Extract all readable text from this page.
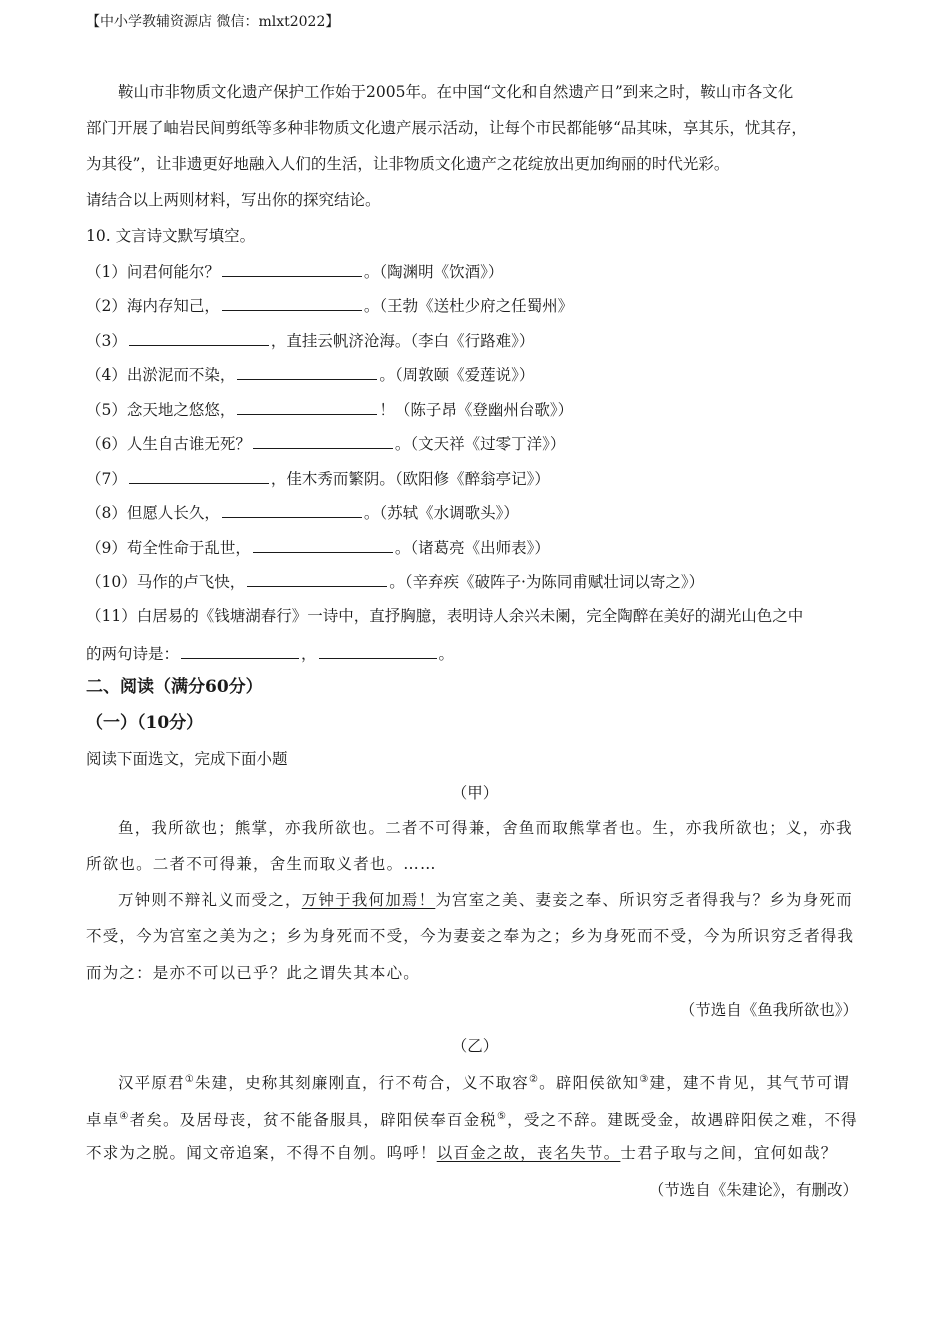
【中小学教辅资源店 微信：mlxt2022】
鞍山市非物质文化遗产保护工作始于2005年。在中国“文化和自然遗产日”到来之时，鞍山市各文化
部门开展了岫岩民间剪纸等多种非物质文化遗产展示活动，让每个市民都能够“品其味，享其乐，忧其存，
为其役”，让非遗更好地融入人们的生活，让非物质文化遗产之花绽放出更加绚丽的时代光彩。
请结合以上两则材料，写出你的探究结论。
10. 文言诗文默写填空。
（1）问君何能尔？	。（陶渊明《饮酒》）
（2）海内存知己，	。（王勃《送杜少府之任蜀州》
（3）	，直挂云帆济沧海。（李白《行路难》）
（4）出淤泥而不染，	。（周敦颐《爱莲说》）
（5）念天地之悠悠，	！（陈子昂《登幽州台歌》）
（6）人生自古谁无死？	。（文天祥《过零丁洋》）
（7）	，佳木秀而繁阴。（欧阳修《醉翁亭记》）
（8）但愿人长久，	。（苏轼《水调歌头》）
（9）苟全性命于乱世，	。（诸葛亮《出师表》）
（10）马作的卢飞快，	。（辛弃疾《破阵子·为陈同甫赋壮词以寄之》）
（11）白居易的《钱塘湖春行》一诗中，直抒胸臆，表明诗人余兴未阑，完全陶醉在美好的湖光山色之中
的两句诗是：	，	。
二、阅读（满分60分）
（一）（10分）
阅读下面选文，完成下面小题
（甲）
鱼，我所欲也；熊掌，亦我所欲也。二者不可得兼，舍鱼而取熊掌者也。生，亦我所欲也；义，亦我
所欲也。二者不可得兼，舍生而取义者也。……
万钟则不辩礼义而受之，万钟于我何加焉！为宫室之美、妻妾之奉、所识穷乏者得我与？乡为身死而
不受，今为宫室之美为之；乡为身死而不受，今为妻妾之奉为之；乡为身死而不受，今为所识穷乏者得我
而为之：是亦不可以已乎？此之谓失其本心。
（节选自《鱼我所欲也》）
（乙）
汉平原君①朱建，史称其刻廉刚直，行不苟合，义不取容②。辟阳侯欲知③建，建不肯见，其气节可谓
卓卓④者矣。及居母丧，贫不能备服具，辟阳侯奉百金税⑤，受之不辞。建既受金，故遇辟阳侯之难，不得
不求为之脱。闻文帝追案，不得不自刎。呜呼！以百金之故，丧名失节。士君子取与之间，宜何如哉？
（节选自《朱建论》，有删改）
